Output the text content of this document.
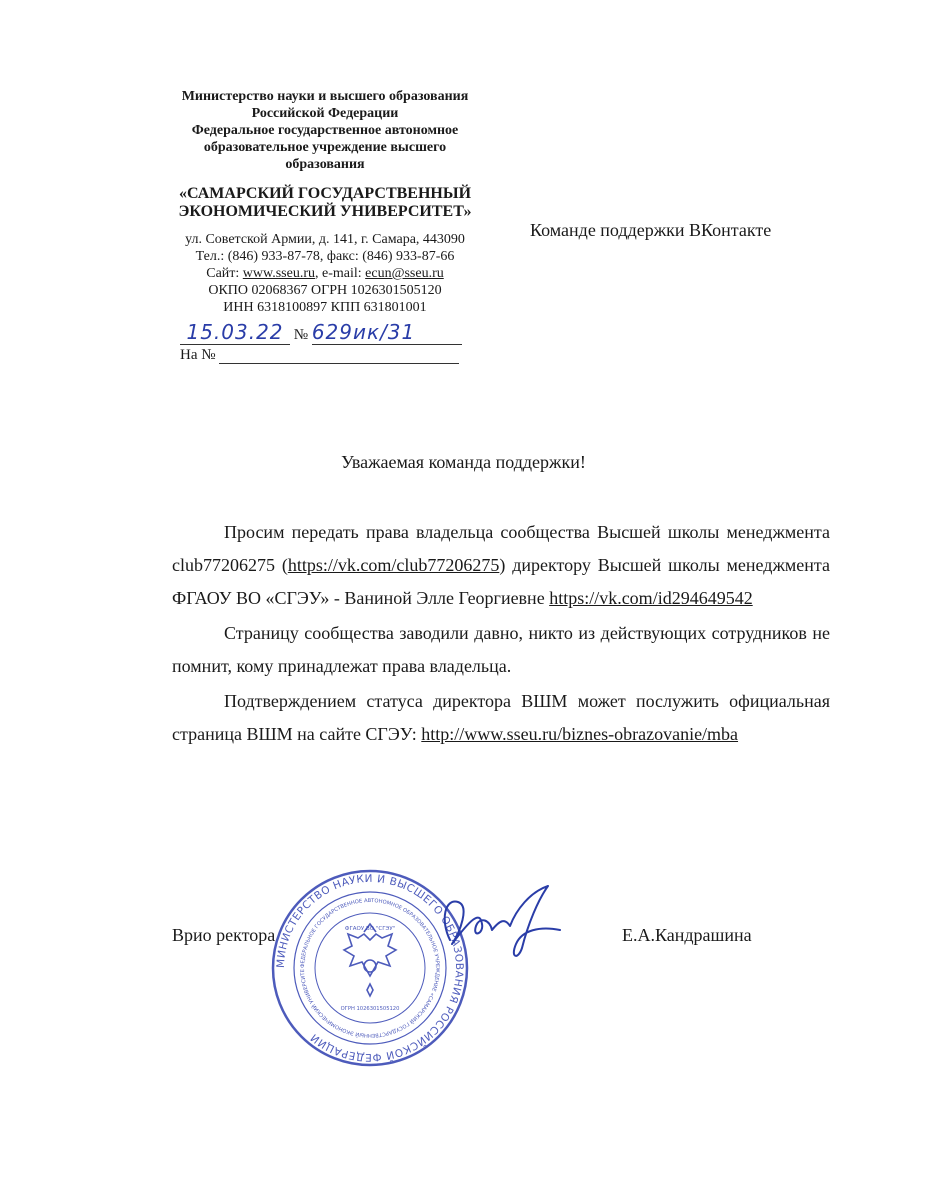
Министерство науки и высшего образования
Российской Федерации
Федеральное государственное автономное
образовательное учреждение высшего
образования
«САМАРСКИЙ ГОСУДАРСТВЕННЫЙ
ЭКОНОМИЧЕСКИЙ УНИВЕРСИТЕТ»
ул. Советской Армии, д. 141, г. Самара, 443090
Тел.: (846) 933-87-78, факс: (846) 933-87-66
Сайт: www.sseu.ru, e-mail: ecun@sseu.ru
ОКПО 02068367 ОГРН 1026301505120
ИНН 6318100897 КПП 631801001
15.03.22 № 629ик/31
На №
Команде поддержки ВКонтакте
Уважаемая команда поддержки!

Просим передать права владельца сообщества Высшей школы менеджмента club77206275 (https://vk.com/club77206275) директору Высшей школы менеджмента ФГАОУ ВО «СГЭУ» - Ваниной Элле Георгиевне https://vk.com/id294649542

Страницу сообщества заводили давно, никто из действующих сотрудников не помнит, кому принадлежат права владельца.

Подтверждением статуса директора ВШМ может послужить официальная страница ВШМ на сайте СГЭУ: http://www.sseu.ru/biznes-obrazovanie/mba

МИНИСТЕРСТВО НАУКИ И ВЫСШЕГО ОБРАЗОВАНИЯ РОССИЙСКОЙ ФЕДЕРАЦИИ
ФЕДЕРАЛЬНОЕ ГОСУДАРСТВЕННОЕ АВТОНОМНОЕ ОБРАЗОВАТЕЛЬНОЕ УЧРЕЖДЕНИЕ «САМАРСКИЙ ГОСУДАРСТВЕННЫЙ ЭКОНОМИЧЕСКИЙ УНИВЕРСИТЕ
ФГАОУ ВО "СГЭУ"
ОГРН 1026301505120
Врио ректора	Е.А.Кандрашина
